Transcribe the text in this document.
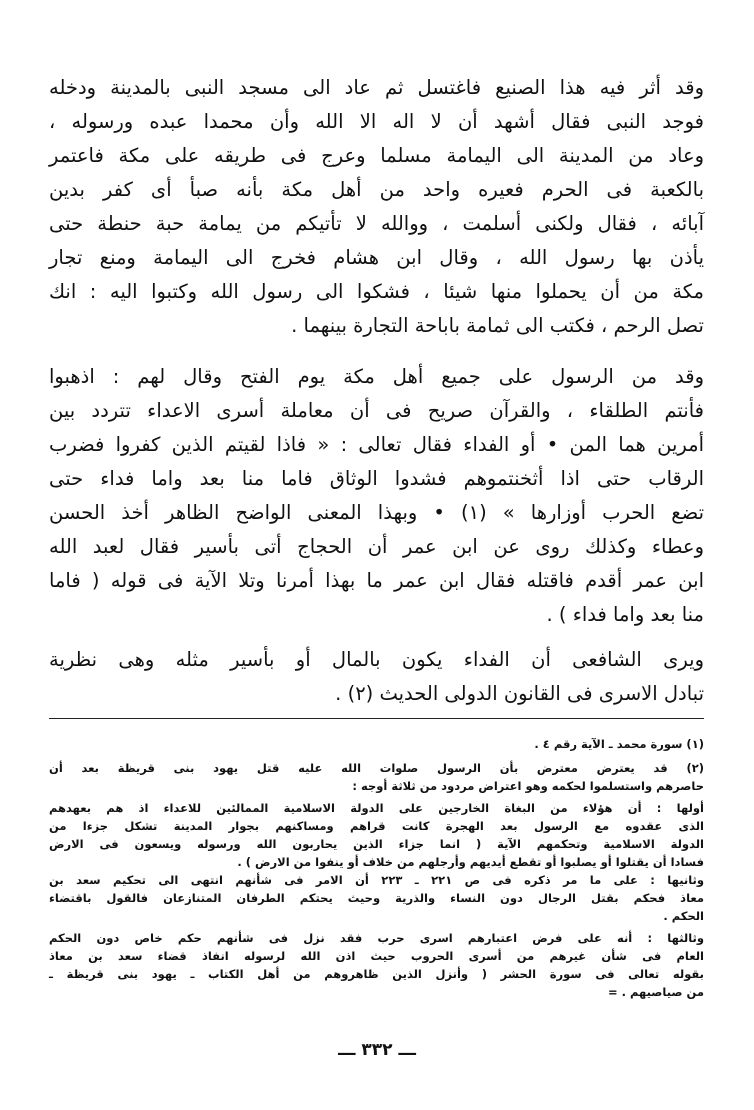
وقد أثر فيه هذا الصنيع فاغتسل ثم عاد الى مسجد النبى بالمدينة ودخله
فوجد النبى فقال أشهد أن لا اله الا الله وأن محمدا عبده ورسوله ،
وعاد من المدينة الى اليمامة مسلما وعرج فى طريقه على مكة فاعتمر
بالكعبة فى الحرم فعيره واحد من أهل مكة بأنه صبأ أى كفر بدين
آبائه ، فقال ولكنى أسلمت ، ووالله لا تأتيكم من يمامة حبة حنطة حتى
يأذن بها رسول الله ، وقال ابن هشام فخرج الى اليمامة ومنع تجار
مكة من أن يحملوا منها شيئا ، فشكوا الى رسول الله وكتبوا اليه : انك
تصل الرحم ، فكتب الى ثمامة باباحة التجارة بينهما .
وقد من الرسول على جميع أهل مكة يوم الفتح وقال لهم : اذهبوا
فأنتم الطلقاء ، والقرآن صريح فى أن معاملة أسرى الاعداء تتردد بين
أمرين هما المن • أو الفداء فقال تعالى : « فاذا لقيتم الذين كفروا فضرب
الرقاب حتى اذا أثخنتموهم فشدوا الوثاق فاما منا بعد واما فداء حتى
تضع الحرب أوزارها » (١) • وبهذا المعنى الواضح الظاهر أخذ الحسن
وعطاء وكذلك روى عن ابن عمر أن الحجاج أتى بأسير فقال لعبد الله
ابن عمر أقدم فاقتله فقال ابن عمر ما بهذا أمرنا وتلا الآية فى قوله ( فاما
منا بعد واما فداء ) .
ويرى الشافعى أن الفداء يكون بالمال أو بأسير مثله وهى نظرية
تبادل الاسرى فى القانون الدولى الحديث (٢) .
(١) سورة محمد ـ الآية رقم ٤ .
(٢) قد يعترض معترض بأن الرسول صلوات الله عليه قتل يهود بنى قريظة بعد أن
حاصرهم واستسلموا لحكمه وهو اعتراض مردود من ثلاثة أوجه :
أولها : أن هؤلاء من البغاة الخارجين على الدولة الاسلامية الممالئين للاعداء اذ هم بعهدهم
الذى عقدوه مع الرسول بعد الهجرة كانت قراهم ومساكنهم بجوار المدينة تشكل جزءا من
الدولة الاسلامية وتحكمهم الآية ( انما جزاء الذين يحاربون الله ورسوله ويسعون فى الارض
فسادا أن يقتلوا أو يصلبوا أو تقطع أيديهم وأرجلهم من خلاف أو ينفوا من الارض ) .
وثانيها : على ما مر ذكره فى ص ٢٢١ ـ ٢٢٣ أن الامر فى شأنهم انتهى الى تحكيم سعد بن
معاذ فحكم بقتل الرجال دون النساء والذرية وحيث يحتكم الطرفان المتنازعان فالقول باقتضاء
الحكم .
وثالثها : أنه على فرض اعتبارهم اسرى حرب فقد نزل فى شأنهم حكم خاص دون الحكم
العام فى شأن غيرهم من أسرى الحروب حيث اذن الله لرسوله انفاذ قضاء سعد بن معاذ
بقوله تعالى فى سورة الحشر ( وأنزل الذين ظاهروهم من أهل الكتاب ـ يهود بنى قريظة ـ
من صياصيهم . =
ـــ ٣٣٢ ـــ
